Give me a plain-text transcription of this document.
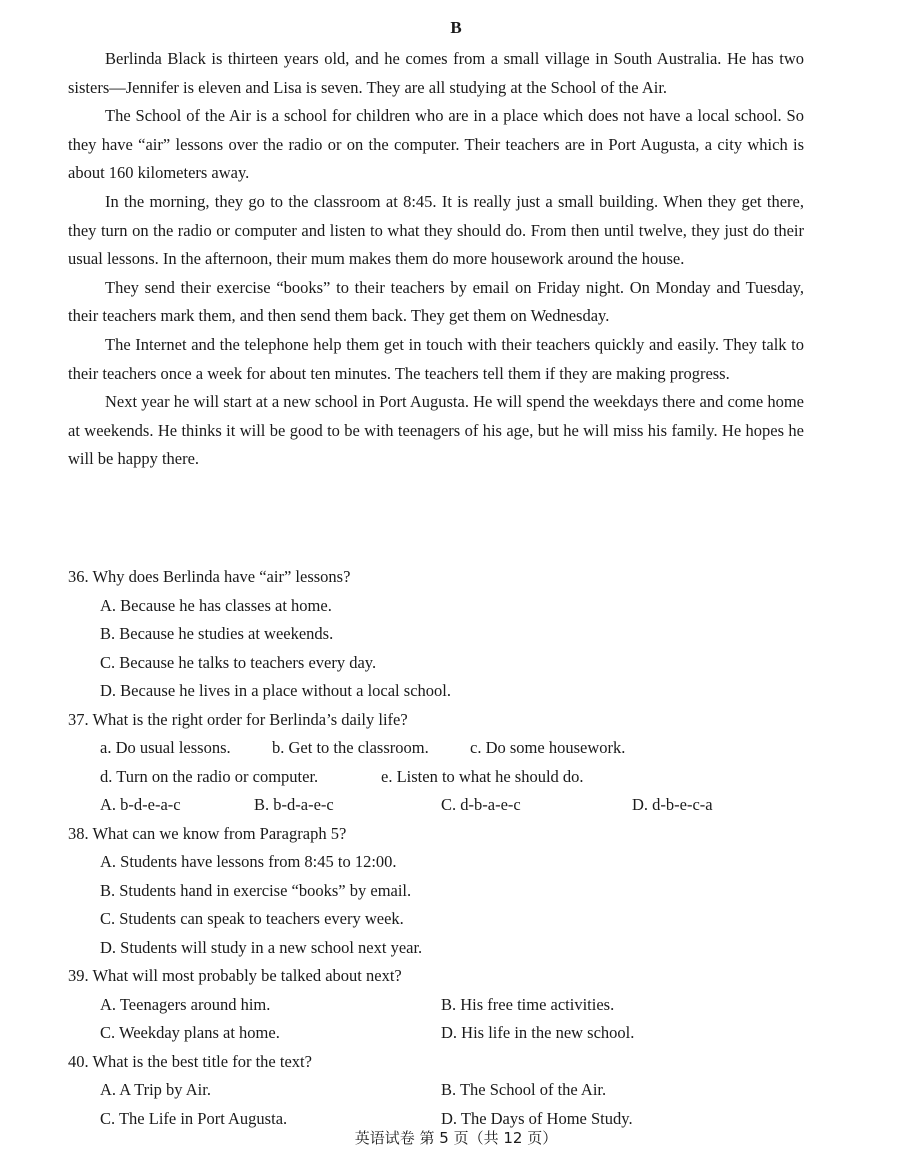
B

Berlinda Black is thirteen years old, and he comes from a small village in South Australia. He has two sisters—Jennifer is eleven and Lisa is seven. They are all studying at the School of the Air.

The School of the Air is a school for children who are in a place which does not have a local school. So they have “air” lessons over the radio or on the computer. Their teachers are in Port Augusta, a city which is about 160 kilometers away.

In the morning, they go to the classroom at 8:45. It is really just a small building. When they get there, they turn on the radio or computer and listen to what they should do. From then until twelve, they just do their usual lessons. In the afternoon, their mum makes them do more housework around the house.

They send their exercise “books” to their teachers by email on Friday night. On Monday and Tuesday, their teachers mark them, and then send them back. They get them on Wednesday.

The Internet and the telephone help them get in touch with their teachers quickly and easily. They talk to their teachers once a week for about ten minutes. The teachers tell them if they are making progress.

Next year he will start at a new school in Port Augusta. He will spend the weekdays there and come home at weekends. He thinks it will be good to be with teenagers of his age, but he will miss his family. He hopes he will be happy there.

36. Why does Berlinda have “air” lessons?

A. Because he has classes at home.

B. Because he studies at weekends.

C. Because he talks to teachers every day.

D. Because he lives in a place without a local school.

37. What is the right order for Berlinda’s daily life?

a. Do usual lessons.	b. Get to the classroom.	c. Do some housework.
d. Turn on the radio or computer.	e. Listen to what he should do.
A. b-d-e-a-c	B. b-d-a-e-c	C. d-b-a-e-c	D. d-b-e-c-a

38. What can we know from Paragraph 5?

A. Students have lessons from 8:45 to 12:00.

B. Students hand in exercise “books” by email.

C. Students can speak to teachers every week.

D. Students will study in a new school next year.

39. What will most probably be talked about next?

A. Teenagers around him.	B. His free time activities.
C. Weekday plans at home.	D. His life in the new school.

40. What is the best title for the text?

A. A Trip by Air.	B. The School of the Air.
C. The Life in Port Augusta.	D. The Days of Home Study.
英语试卷 第 5 页（共 12 页）
